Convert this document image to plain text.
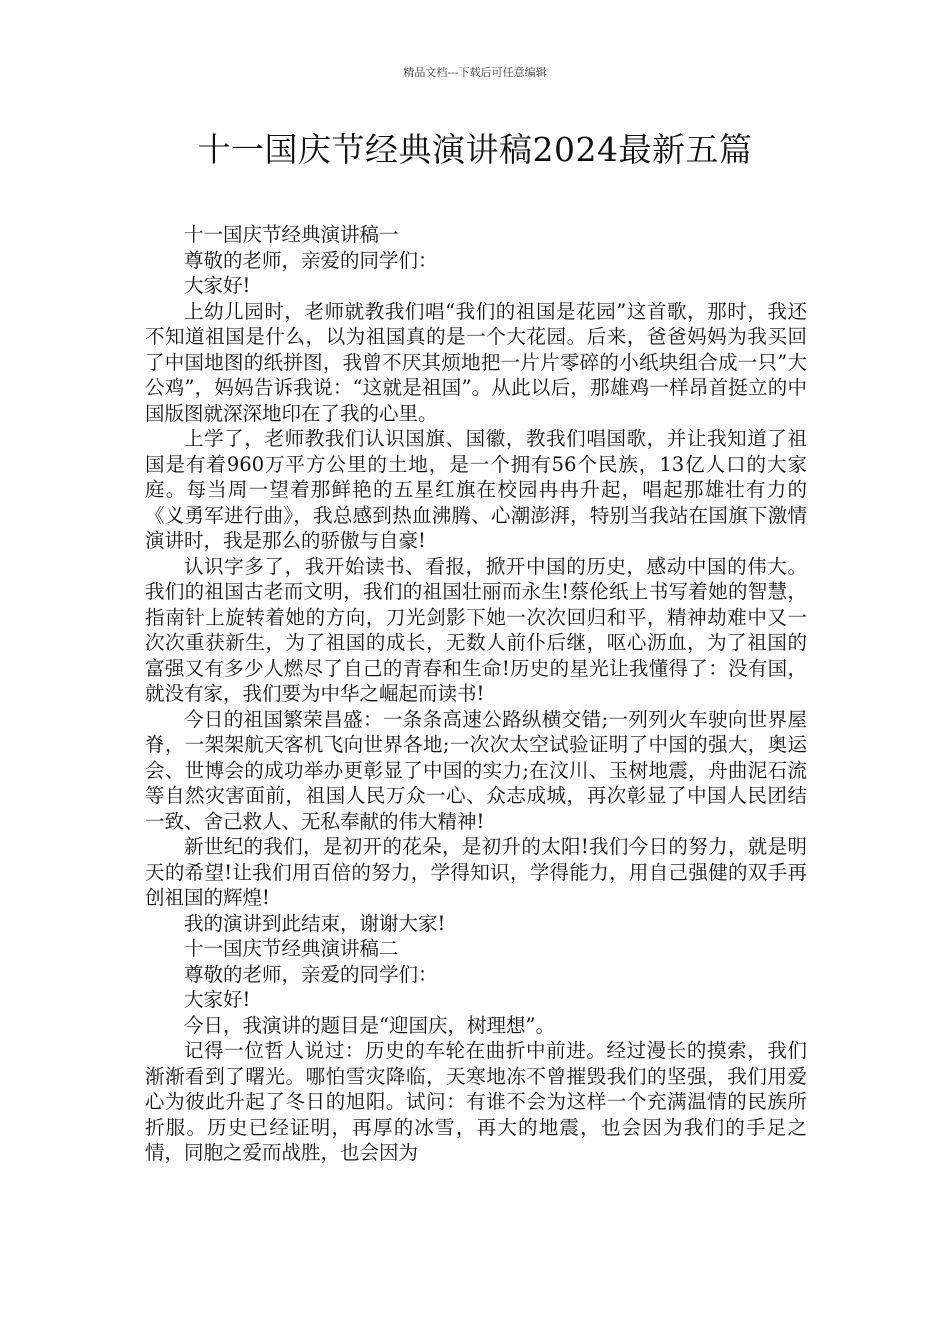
精品文档---下载后可任意编辑
十一国庆节经典演讲稿2024最新五篇

十一国庆节经典演讲稿一

尊敬的老师，亲爱的同学们：

大家好!

上幼儿园时，老师就教我们唱“我们的祖国是花园”这首歌，那时，我还不知道祖国是什么，以为祖国真的是一个大花园。后来，爸爸妈妈为我买回了中国地图的纸拼图，我曾不厌其烦地把一片片零碎的小纸块组合成一只”大公鸡”，妈妈告诉我说：“这就是祖国”。从此以后，那雄鸡一样昂首挺立的中国版图就深深地印在了我的心里。

上学了，老师教我们认识国旗、国徽，教我们唱国歌，并让我知道了祖国是有着960万平方公里的土地，是一个拥有56个民族，13亿人口的大家庭。每当周一望着那鲜艳的五星红旗在校园冉冉升起，唱起那雄壮有力的《义勇军进行曲》，我总感到热血沸腾、心潮澎湃，特别当我站在国旗下激情演讲时，我是那么的骄傲与自豪!

认识字多了，我开始读书、看报，掀开中国的历史，感动中国的伟大。我们的祖国古老而文明，我们的祖国壮丽而永生!蔡伦纸上书写着她的智慧，指南针上旋转着她的方向，刀光剑影下她一次次回归和平，精神劫难中又一次次重获新生，为了祖国的成长，无数人前仆后继，呕心沥血，为了祖国的富强又有多少人燃尽了自己的青春和生命!历史的星光让我懂得了：没有国，就没有家，我们要为中华之崛起而读书!

今日的祖国繁荣昌盛：一条条高速公路纵横交错;一列列火车驶向世界屋脊，一架架航天客机飞向世界各地;一次次太空试验证明了中国的强大，奥运会、世博会的成功举办更彰显了中国的实力;在汶川、玉树地震，舟曲泥石流等自然灾害面前，祖国人民万众一心、众志成城，再次彰显了中国人民团结一致、舍己救人、无私奉献的伟大精神!

新世纪的我们，是初开的花朵，是初升的太阳!我们今日的努力，就是明天的希望!让我们用百倍的努力，学得知识，学得能力，用自己强健的双手再创祖国的辉煌!

我的演讲到此结束，谢谢大家!

十一国庆节经典演讲稿二

尊敬的老师，亲爱的同学们：

大家好!

今日，我演讲的题目是“迎国庆，树理想”。

记得一位哲人说过：历史的车轮在曲折中前进。经过漫长的摸索，我们渐渐看到了曙光。哪怕雪灾降临，天寒地冻不曾摧毁我们的坚强，我们用爱心为彼此升起了冬日的旭阳。试问：有谁不会为这样一个充满温情的民族所折服。历史已经证明，再厚的冰雪，再大的地震，也会因为我们的手足之情，同胞之爱而战胜，也会因为
